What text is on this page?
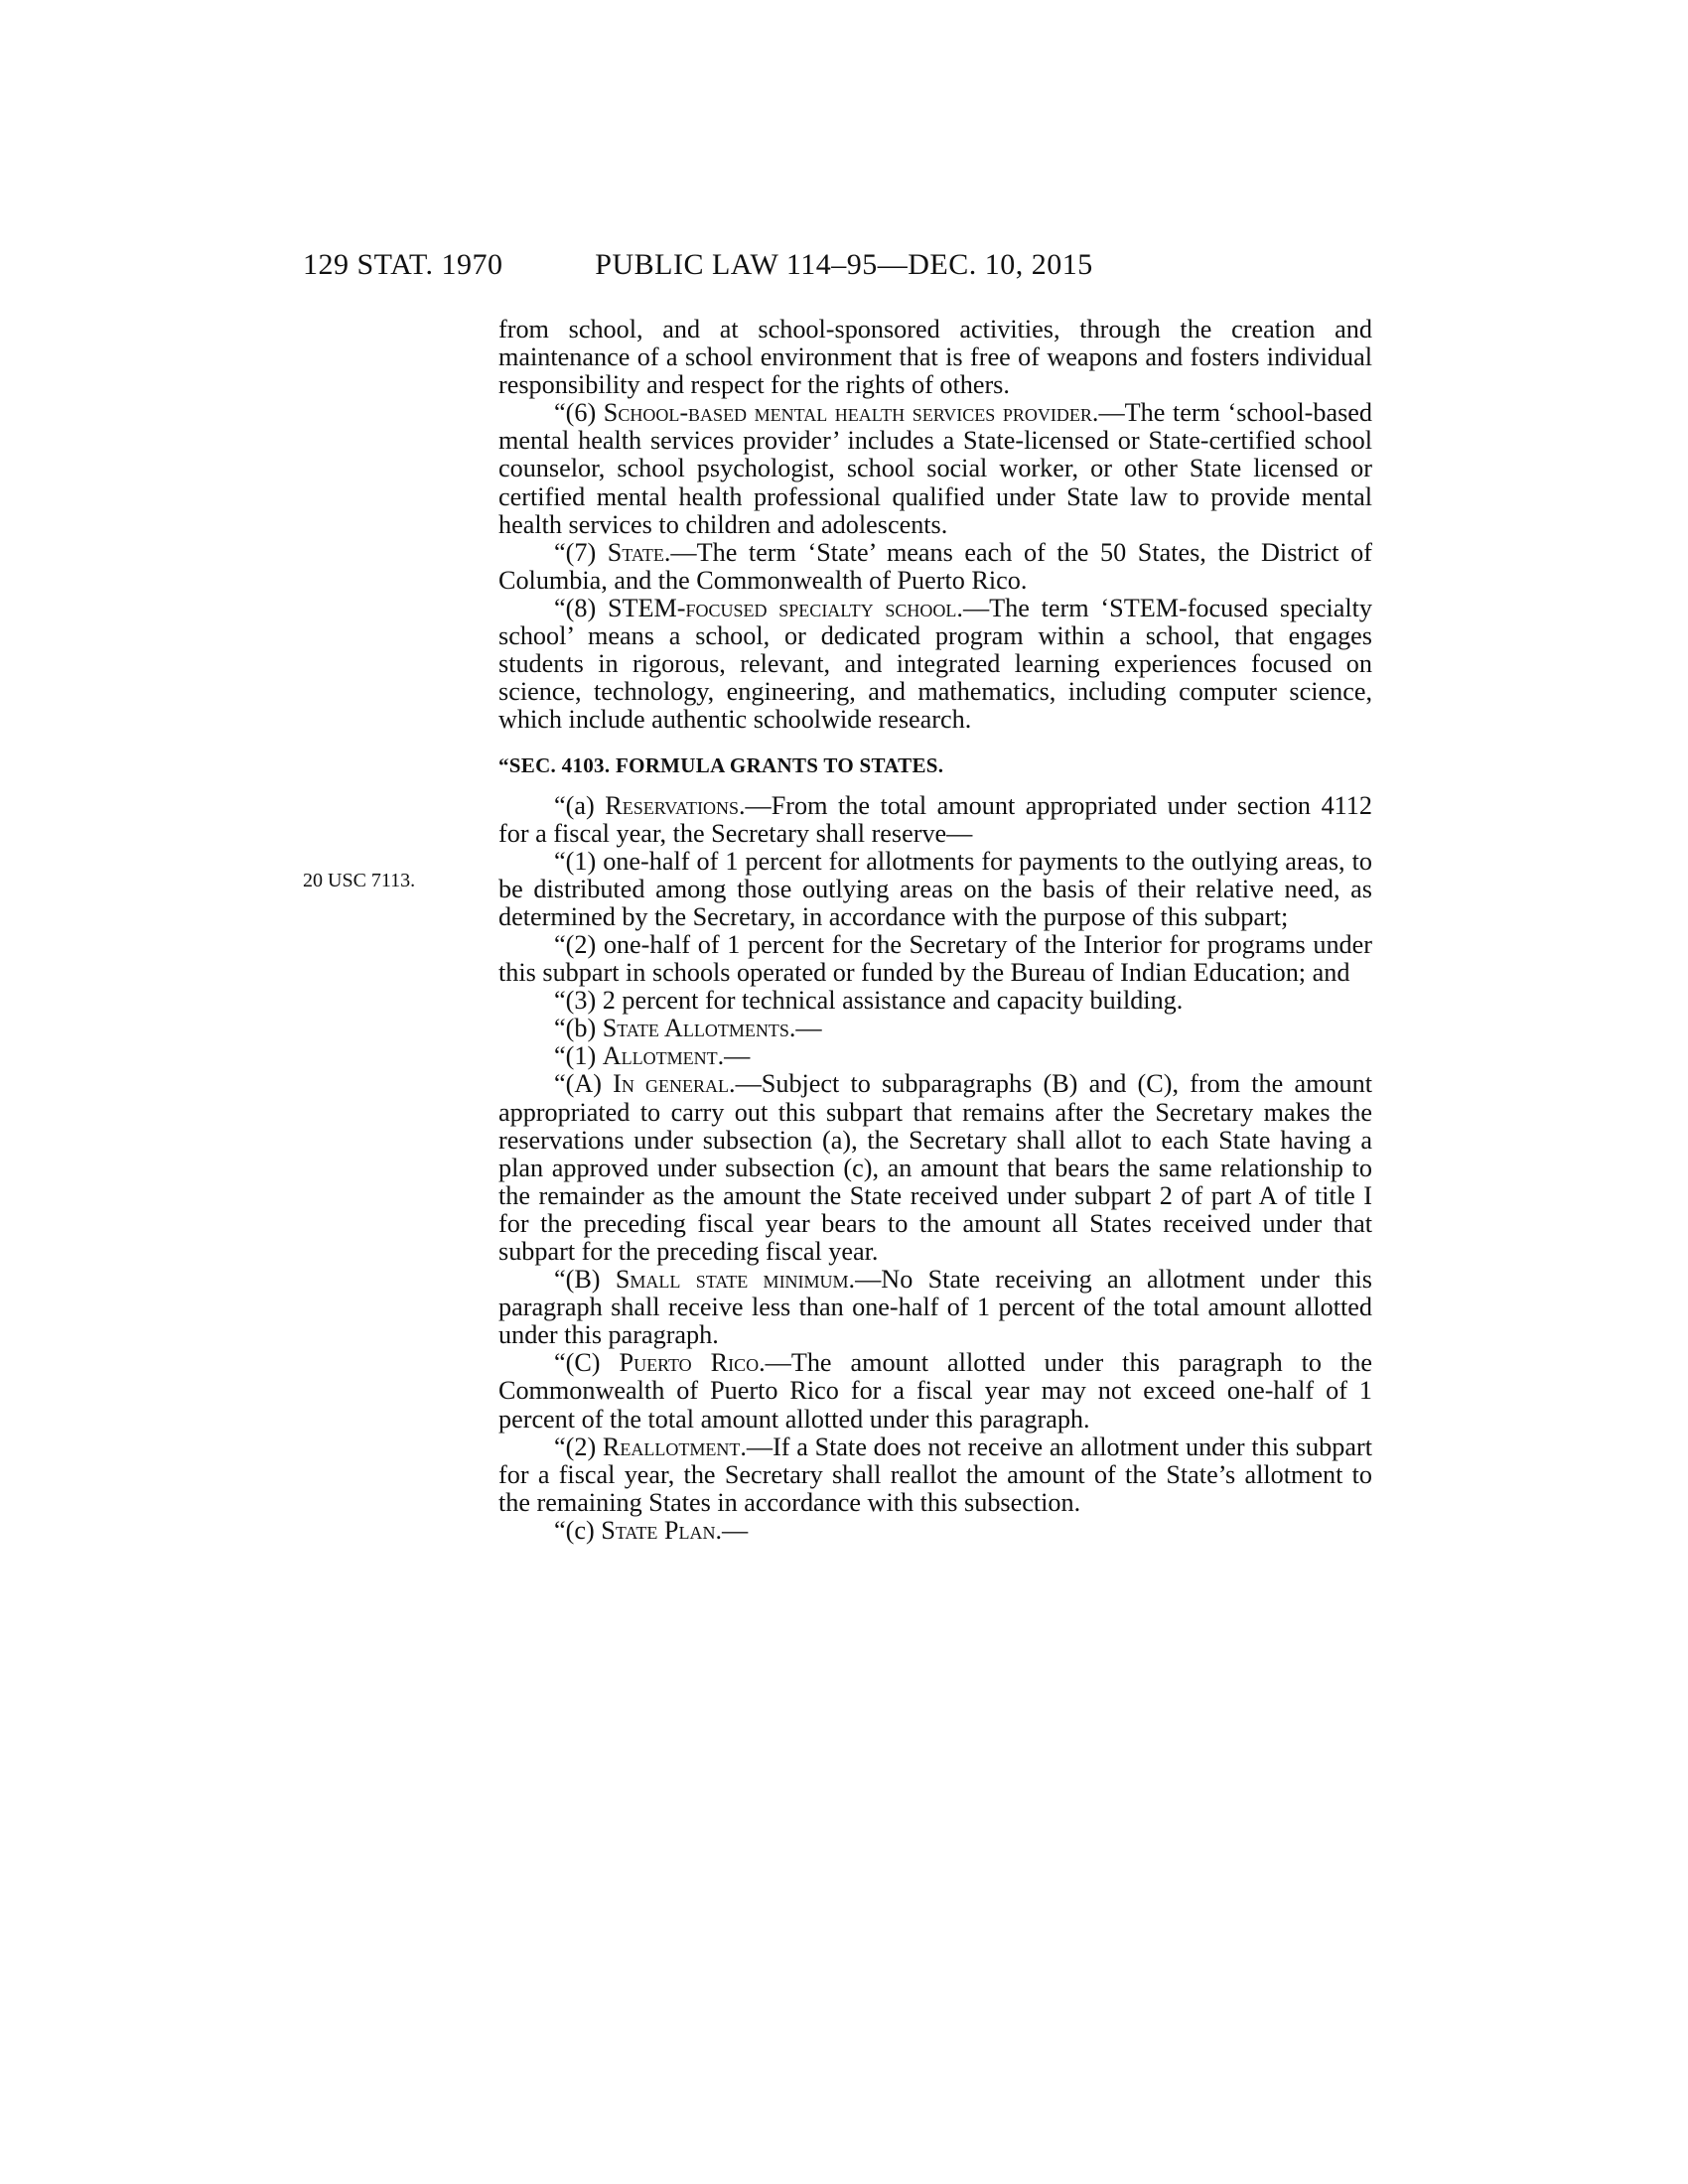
129 STAT. 1970	PUBLIC LAW 114–95—DEC. 10, 2015
20 USC 7113.

from school, and at school-sponsored activities, through the creation and maintenance of a school environment that is free of weapons and fosters individual responsibility and respect for the rights of others.

“(6) School-based mental health services provider.—The term ‘school-based mental health services provider’ includes a State-licensed or State-certified school counselor, school psychologist, school social worker, or other State licensed or certified mental health professional qualified under State law to provide mental health services to children and adolescents.

“(7) State.—The term ‘State’ means each of the 50 States, the District of Columbia, and the Commonwealth of Puerto Rico.

“(8) STEM-focused specialty school.—The term ‘STEM-focused specialty school’ means a school, or dedicated program within a school, that engages students in rigorous, relevant, and integrated learning experiences focused on science, technology, engineering, and mathematics, including computer science, which include authentic schoolwide research.

“SEC. 4103. FORMULA GRANTS TO STATES.

“(a) Reservations.—From the total amount appropriated under section 4112 for a fiscal year, the Secretary shall reserve—

“(1) one-half of 1 percent for allotments for payments to the outlying areas, to be distributed among those outlying areas on the basis of their relative need, as determined by the Secretary, in accordance with the purpose of this subpart;

“(2) one-half of 1 percent for the Secretary of the Interior for programs under this subpart in schools operated or funded by the Bureau of Indian Education; and

“(3) 2 percent for technical assistance and capacity building.

“(b) State Allotments.—

“(1) Allotment.—

“(A) In general.—Subject to subparagraphs (B) and (C), from the amount appropriated to carry out this subpart that remains after the Secretary makes the reservations under subsection (a), the Secretary shall allot to each State having a plan approved under subsection (c), an amount that bears the same relationship to the remainder as the amount the State received under subpart 2 of part A of title I for the preceding fiscal year bears to the amount all States received under that subpart for the preceding fiscal year.

“(B) Small state minimum.—No State receiving an allotment under this paragraph shall receive less than one-half of 1 percent of the total amount allotted under this paragraph.

“(C) Puerto Rico.—The amount allotted under this paragraph to the Commonwealth of Puerto Rico for a fiscal year may not exceed one-half of 1 percent of the total amount allotted under this paragraph.

“(2) Reallotment.—If a State does not receive an allotment under this subpart for a fiscal year, the Secretary shall reallot the amount of the State’s allotment to the remaining States in accordance with this subsection.

“(c) State Plan.—
